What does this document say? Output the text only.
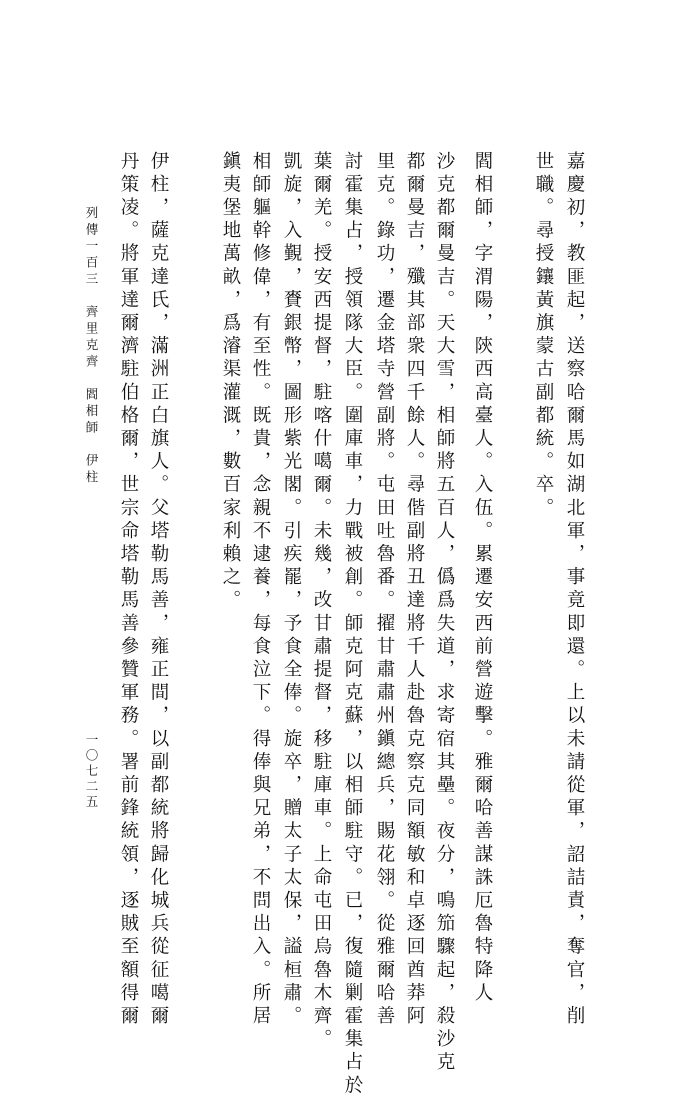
嘉慶初，教匪起，送察哈爾馬如湖北軍，事竟即還。上以未請從軍，詔詰責，奪官，削
世職。尋授鑲黃旗蒙古副都統。卒。
閻相師，字渭陽，陝西高臺人。入伍。累遷安西前營遊擊。雅爾哈善謀誅厄魯特降人
沙克都爾曼吉。天大雪，相師將五百人，僞爲失道，求寄宿其壘。夜分，鳴笳驟起，殺沙克
都爾曼吉，殲其部衆四千餘人。尋偕副將丑達將千人赴魯克察克同額敏和卓逐回酋莽阿
里克。錄功，遷金塔寺營副將。屯田吐魯番。擢甘肅肅州鎭總兵，賜花翎。從雅爾哈善
討霍集占，授領隊大臣。圍庫車，力戰被創。師克阿克蘇，以相師駐守。已，復隨剿霍集占於
葉爾羌。授安西提督，駐喀什噶爾。未幾，改甘肅提督，移駐庫車。上命屯田烏魯木齊。
凱旋，入覲，賚銀幣，圖形紫光閣。引疾罷，予食全俸。旋卒，贈太子太保，謚桓肅。
相師軀幹修偉，有至性。既貴，念親不逮養，每食泣下。得俸與兄弟，不問出入。所居
鎭夷堡地萬畝，爲濬渠灌溉，數百家利賴之。
伊柱，薩克達氏，滿洲正白旗人。父塔勒馬善，雍正間，以副都統將歸化城兵從征噶爾
丹策凌。將軍達爾濟駐伯格爾，世宗命塔勒馬善參贊軍務。署前鋒統領，逐賊至額得爾
列傳一百三　齊里克齊　閻相師　伊柱
一〇七二五
